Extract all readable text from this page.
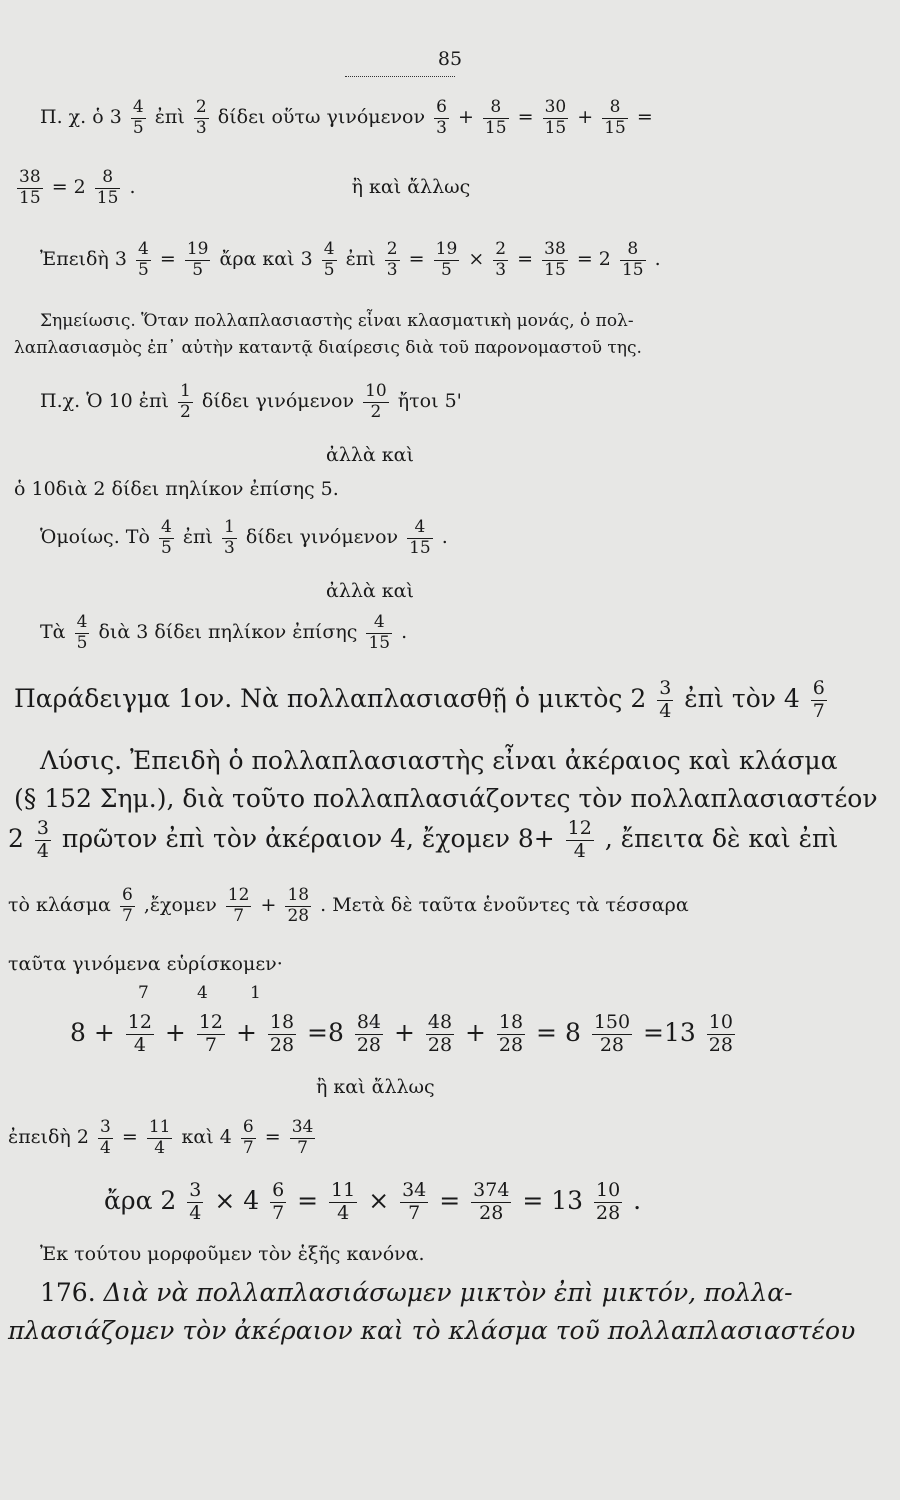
85
Π. χ. ὁ $3 \frac{4}{5}$ ἐπὶ $\frac{2}{3}$ δίδει οὕτω γινόμενον $\frac{6}{3} + \frac{8}{15} = \frac{30}{15} + \frac{8}{15}$ =
$\frac{38}{15} = 2 \frac{8}{15}$ .	ἢ καὶ ἄλλως
Ἐπειδὴ $3 \frac{4}{5} = \frac{19}{5}$ ἄρα καὶ $3 \frac{4}{5}$ ἐπὶ $\frac{2}{3} = \frac{19}{5} \times \frac{2}{3} = \frac{38}{15} = 2 \frac{8}{15}$ .
Σημείωσις. Ὅταν πολλαπλασιαστὴς εἶναι κλασματικὴ μονάς, ὁ πολ-
λαπλασιασμὸς ἐπ᾽ αὐτὴν καταντᾷ διαίρεσις διὰ τοῦ παρονομαστοῦ της.
Π.χ. Ὁ 10 ἐπὶ $\frac{1}{2}$ δίδει γινόμενον $\frac{10}{2}$ ἤτοι 5'
ἀλλὰ καὶ
ὁ 10διὰ 2 δίδει πηλίκον ἐπίσης 5.
Ὁμοίως. Τὸ $\frac{4}{5}$ ἐπὶ $\frac{1}{3}$ δίδει γινόμενον $\frac{4}{15}$ .
ἀλλὰ καὶ
Τὰ $\frac{4}{5}$ διὰ 3 δίδει πηλίκον ἐπίσης $\frac{4}{15}$ .
Παράδειγμα 1ον. Νὰ πολλαπλασιασθῇ ὁ μικτὸς $2 \frac{3}{4}$ ἐπὶ τὸν $4 \frac{6}{7}$
Λύσις. Ἐπειδὴ ὁ πολλαπλασιαστὴς εἶναι ἀκέραιος καὶ κλάσμα
(§ 152 Σημ.), διὰ τοῦτο πολλαπλασιάζοντες τὸν πολλαπλασιαστέον
$2 \frac{3}{4}$ πρῶτον ἐπὶ τὸν ἀκέραιον 4, ἔχομεν $8+ \frac{12}{4}$ , ἔπειτα δὲ καὶ ἐπὶ
τὸ κλάσμα $\frac{6}{7}$ ,ἔχομεν $\frac{12}{7} + \frac{18}{28}$ . Μετὰ δὲ ταῦτα ἑνοῦντες τὰ τέσσαρα
ταῦτα γινόμενα εὑρίσκομεν·
7	4 1
$8 + \frac{12}{4} + \frac{12}{7} + \frac{18}{28} =8 \frac{84}{28} + \frac{48}{28} + \frac{18}{28} = 8 \frac{150}{28} =13 \frac{10}{28}$
ἢ καὶ ἄλλως
ἐπειδὴ $2 \frac{3}{4} = \frac{11}{4}$ καὶ $4 \frac{6}{7} = \frac{34}{7}$
ἄρα $2 \frac{3}{4} \times 4 \frac{6}{7} = \frac{11}{4} \times \frac{34}{7} = \frac{374}{28} = 13 \frac{10}{28}$ .
Ἐκ τούτου μορφοῦμεν τὸν ἑξῆς κανόνα.
176. Διὰ νὰ πολλαπλασιάσωμεν μικτὸν ἐπὶ μικτόν, πολλα-
πλασιάζομεν τὸν ἀκέραιον καὶ τὸ κλάσμα τοῦ πολλαπλασιαστέου
